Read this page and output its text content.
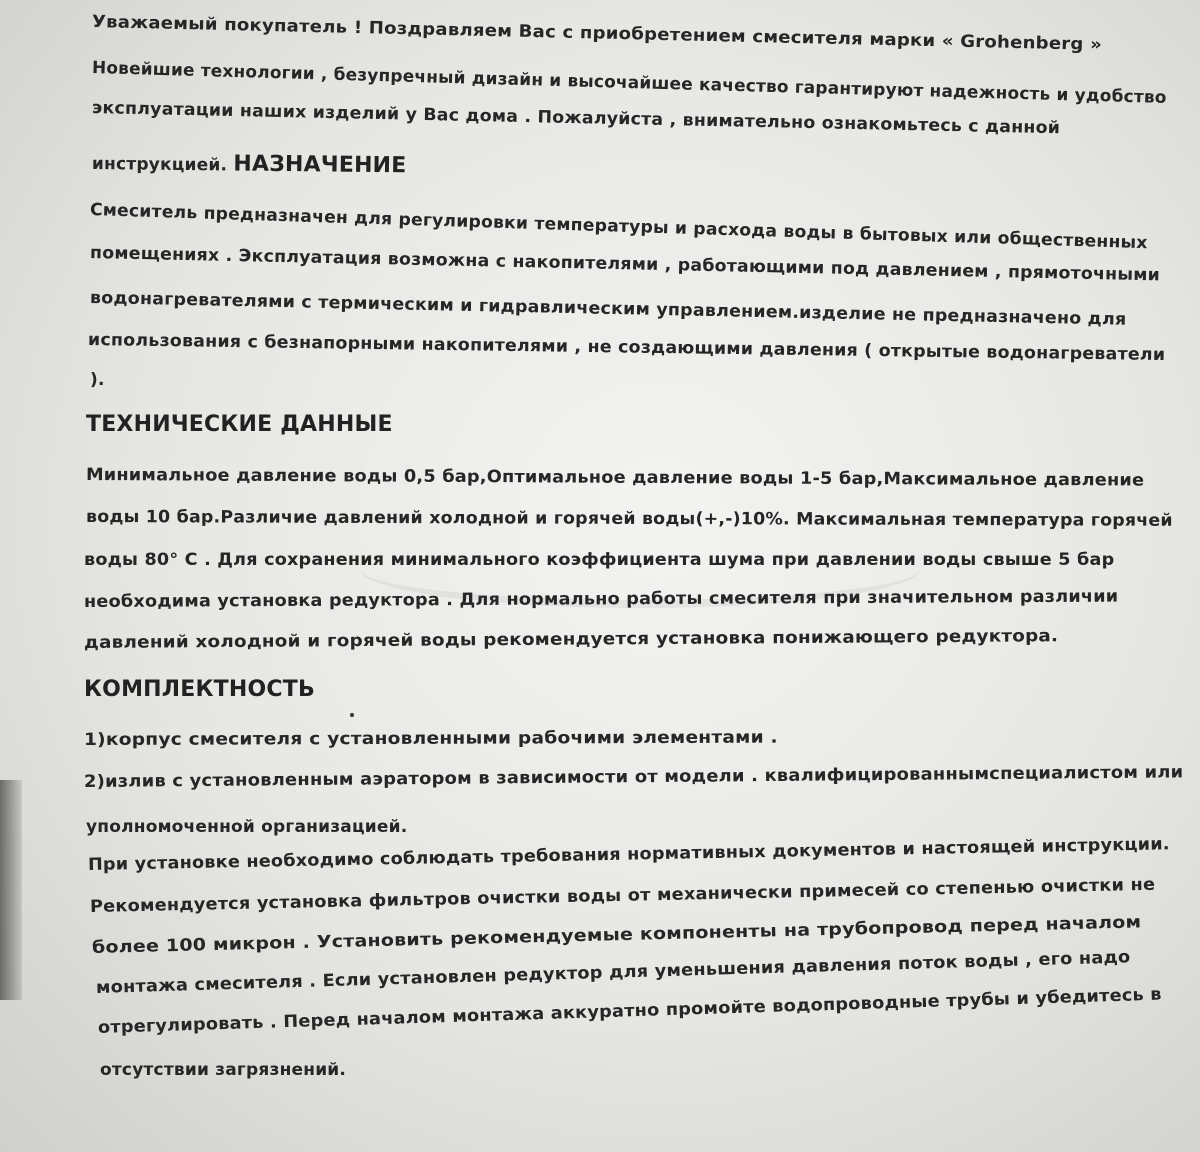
Уважаемый покупатель ! Поздравляем Вас с приобретением смесителя марки « Grohenberg »
Новейшие технологии , безупречный дизайн и высочайшее качество гарантируют надежность и удобство
эксплуатации наших изделий у Вас дома . Пожалуйста , внимательно ознакомьтесь с данной
инструкцией. НАЗНАЧЕНИЕ
Смеситель предназначен для регулировки температуры и расхода воды в бытовых или общественных
помещениях . Эксплуатация возможна с накопителями , работающими под давлением , прямоточными
водонагревателями с термическим и гидравлическим управлением.изделие не предназначено для
использования с безнапорными накопителями , не создающими давления ( открытые водонагреватели
).
ТЕХНИЧЕСКИЕ ДАННЫЕ
Минимальное давление воды 0,5 бар,Оптимальное давление воды 1-5 бар,Максимальное давление
воды 10 бар.Различие давлений холодной и горячей воды(+,-)10%. Максимальная температура горячей
воды 80° С . Для сохранения минимального коэффициента шума при давлении воды свыше 5 бар
необходима установка редуктора . Для нормально работы смесителя при значительном различии
давлений холодной и горячей воды рекомендуется установка понижающего редуктора.
КОМПЛЕКТНОСТЬ
1)корпус смесителя с установленными рабочими элементами .
2)излив с установленным аэратором в зависимости от модели . квалифицированнымспециалистом или
уполномоченной организацией.
При установке необходимо соблюдать требования нормативных документов и настоящей инструкции.
Рекомендуется установка фильтров очистки воды от механически примесей со степенью очистки не
более 100 микрон . Установить рекомендуемые компоненты на трубопровод перед началом
монтажа смесителя . Если установлен редуктор для уменьшения давления поток воды , его надо
отрегулировать . Перед началом монтажа аккуратно промойте водопроводные трубы и убедитесь в
отсутствии загрязнений.
